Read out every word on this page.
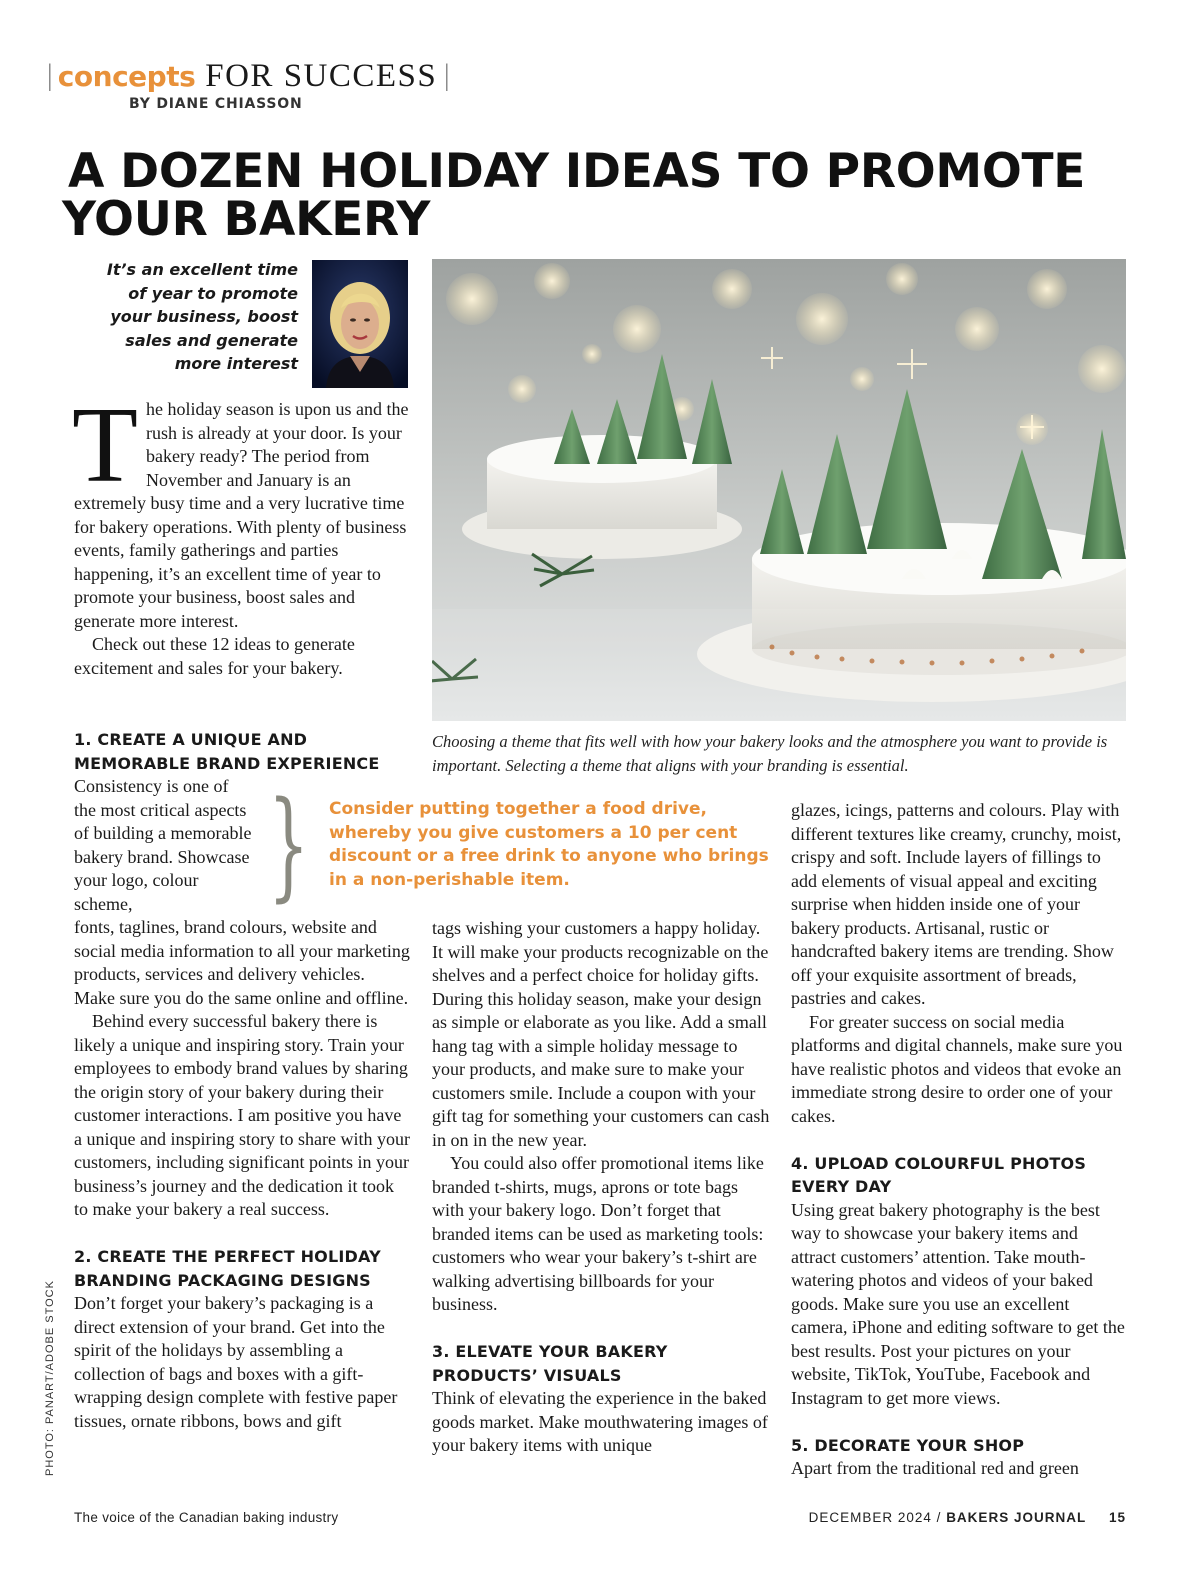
| concepts FOR SUCCESS |
BY DIANE CHIASSON
A DOZEN HOLIDAY IDEAS TO PROMOTE
YOUR BAKERY
It’s an excellent time of year to promote your business, boost sales and generate more interest
Choosing a theme that fits well with how your bakery looks and the atmosphere you want to provide is important. Selecting a theme that aligns with your branding is essential.
T he holiday season is upon us and the rush is already at your door. Is your bakery ready? The period from November and January is an extremely busy time and a very lucrative time for bakery operations. With plenty of business events, family gatherings and parties happening, it’s an excellent time of year to promote your business, boost sales and generate more interest.

Check out these 12 ideas to generate excitement and sales for your bakery.

1. CREATE A UNIQUE AND MEMORABLE BRAND EXPERIENCE

Consistency is one of the most critical aspects of building a memorable bakery brand. Showcase your logo, colour scheme,

fonts, taglines, brand colours, website and social media information to all your marketing products, services and delivery vehicles. Make sure you do the same online and offline.

Behind every successful bakery there is likely a unique and inspiring story. Train your employees to embody brand values by sharing the origin story of your bakery during their customer interactions. I am positive you have a unique and inspiring story to share with your customers, including significant points in your business’s journey and the dedication it took to make your bakery a real success.

2. CREATE THE PERFECT HOLIDAY BRANDING PACKAGING DESIGNS

Don’t forget your bakery’s packaging is a direct extension of your brand. Get into the spirit of the holidays by assembling a collection of bags and boxes with a gift-wrapping design complete with festive paper tissues, ornate ribbons, bows and gift

} Consider putting together a food drive, whereby you give customers a 10 per cent discount or a free drink to anyone who brings in a non-perishable item.

tags wishing your customers a happy holiday. It will make your products recognizable on the shelves and a perfect choice for holiday gifts. During this holiday season, make your design as simple or elaborate as you like. Add a small hang tag with a simple holiday message to your products, and make sure to make your customers smile. Include a coupon with your gift tag for something your customers can cash in on in the new year.

You could also offer promotional items like branded t-shirts, mugs, aprons or tote bags with your bakery logo. Don’t forget that branded items can be used as marketing tools: customers who wear your bakery’s t-shirt are walking advertising billboards for your business.

3. ELEVATE YOUR BAKERY PRODUCTS’ VISUALS

Think of elevating the experience in the baked goods market. Make mouthwatering images of your bakery items with unique

glazes, icings, patterns and colours. Play with different textures like creamy, crunchy, moist, crispy and soft. Include layers of fillings to add elements of visual appeal and exciting surprise when hidden inside one of your bakery products. Artisanal, rustic or handcrafted bakery items are trending. Show off your exquisite assortment of breads, pastries and cakes.

For greater success on social media platforms and digital channels, make sure you have realistic photos and videos that evoke an immediate strong desire to order one of your cakes.

4. UPLOAD COLOURFUL PHOTOS EVERY DAY

Using great bakery photography is the best way to showcase your bakery items and attract customers’ attention. Take mouth-watering photos and videos of your baked goods. Make sure you use an excellent camera, iPhone and editing software to get the best results. Post your pictures on your website, TikTok, YouTube, Facebook and Instagram to get more views.

5. DECORATE YOUR SHOP

Apart from the traditional red and green

PHOTO: PANART/ADOBE STOCK
The voice of the Canadian baking industry	DECEMBER 2024 / BAKERS JOURNAL 15
